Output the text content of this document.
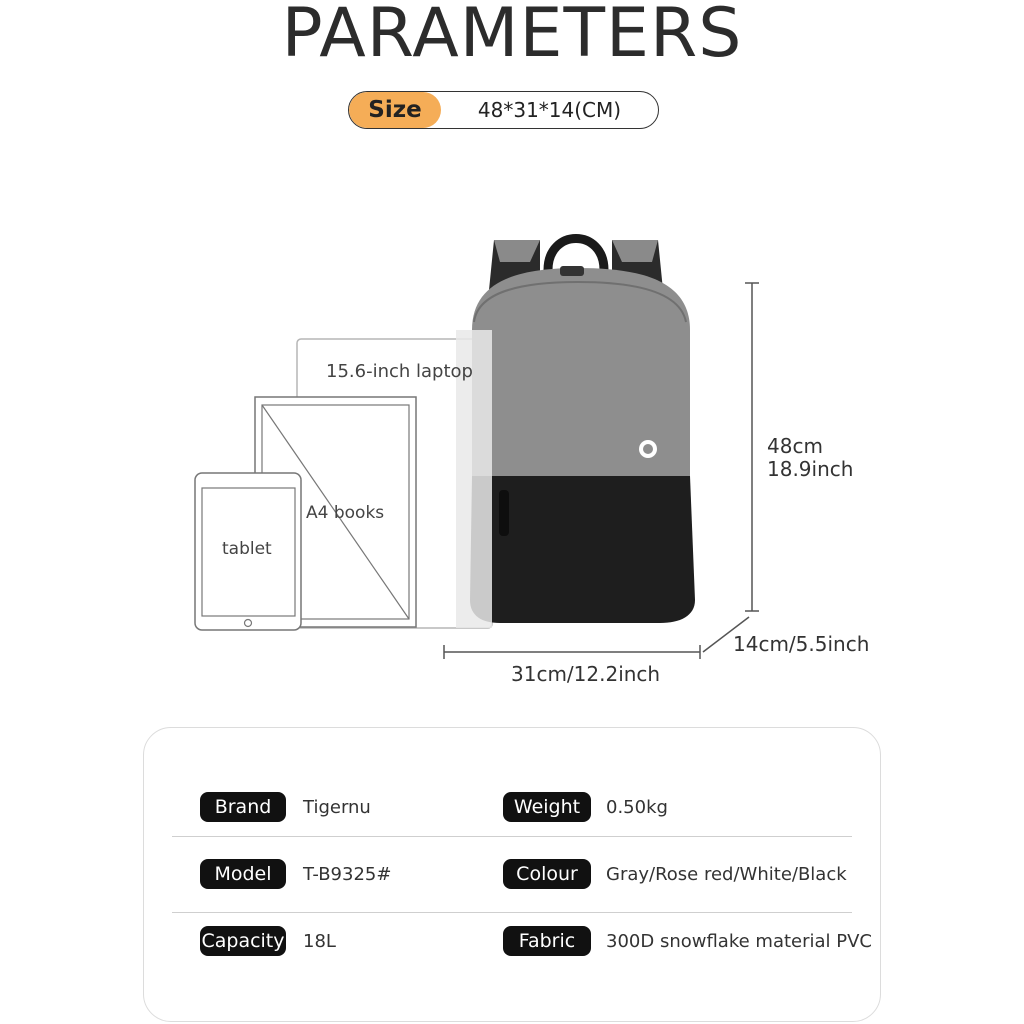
PARAMETERS
Size	48*31*14(CM)
15.6-inch laptop
A4 books
tablet
48cm
18.9inch
14cm/5.5inch
31cm/12.2inch
Brand	Tigernu	Weight	0.50kg
Model	T-B9325#	Colour	Gray/Rose red/White/Black
Capacity 18L	Fabric	300D snowflake material PVC
